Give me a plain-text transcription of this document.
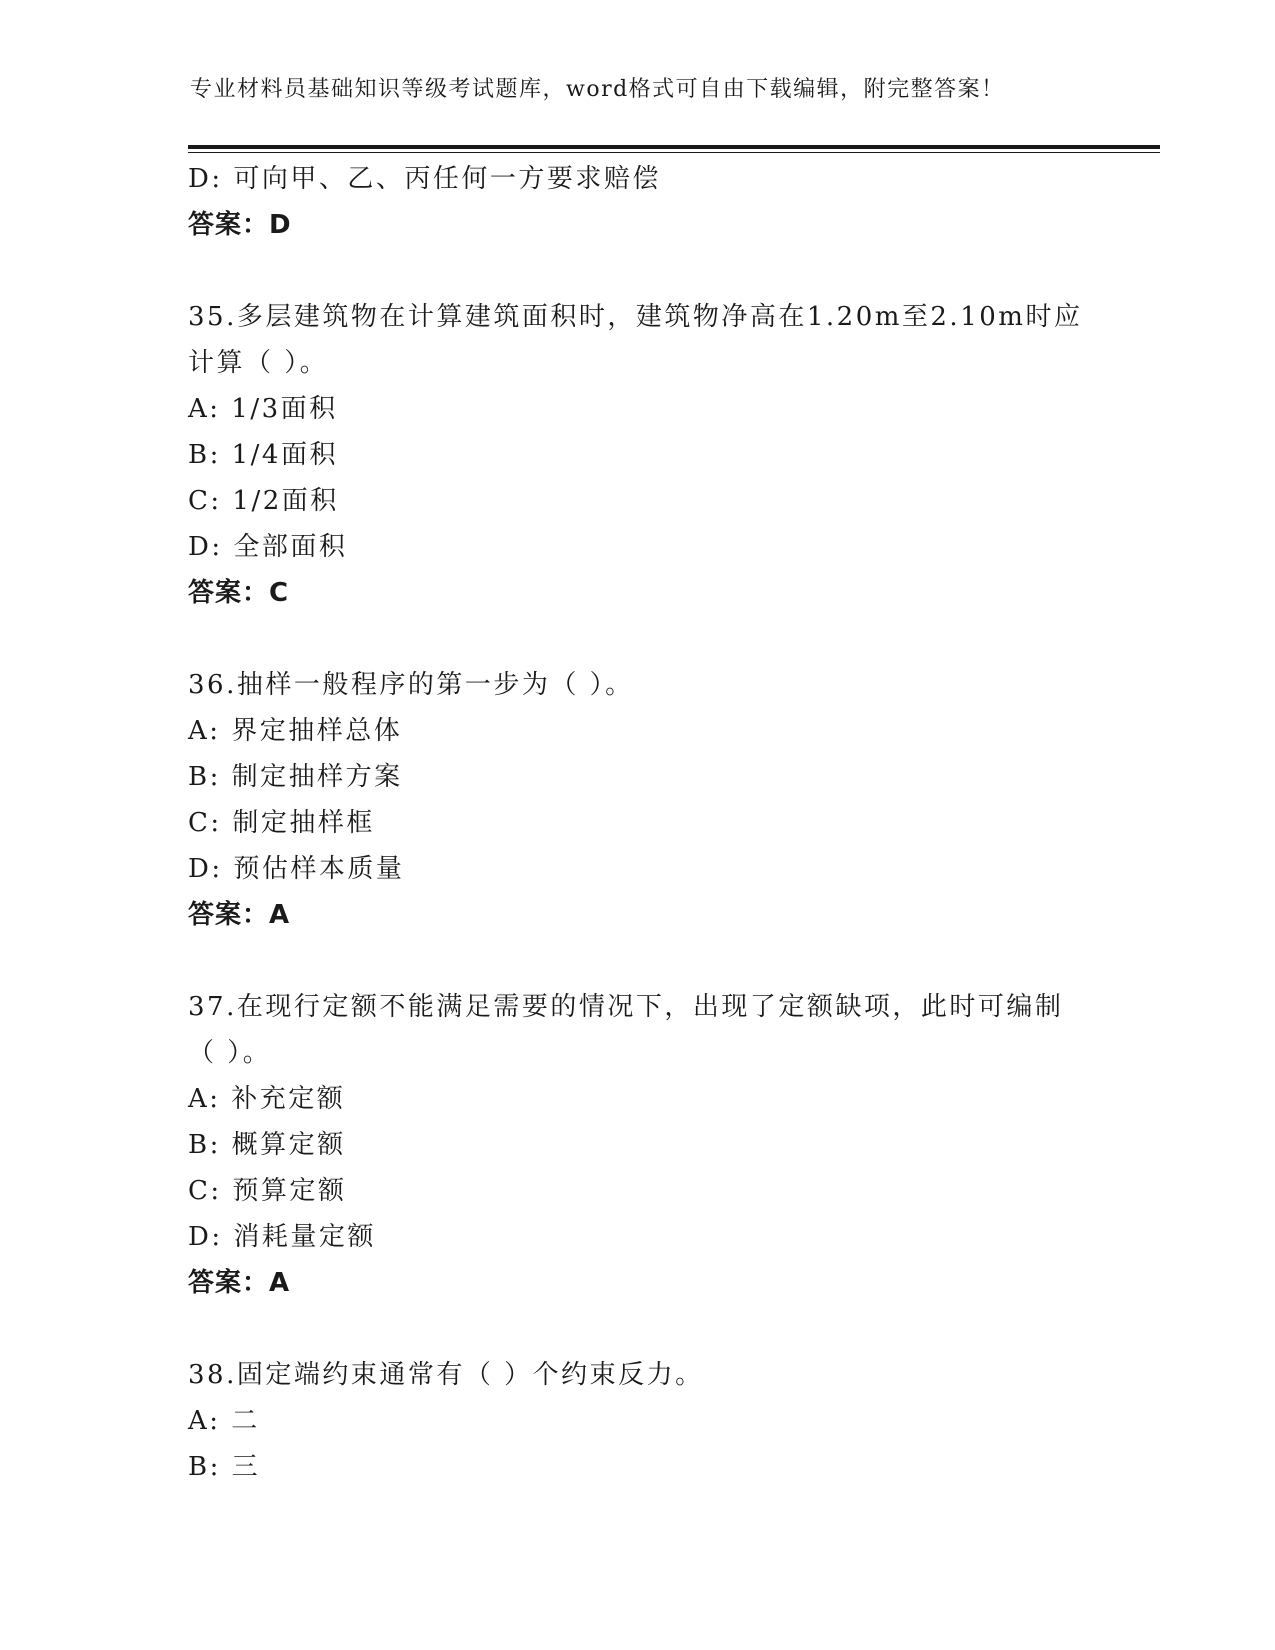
专业材料员基础知识等级考试题库，word格式可自由下载编辑，附完整答案！
D: 可向甲、乙、丙任何一方要求赔偿
答案：D
35.多层建筑物在计算建筑面积时，建筑物净高在1.20m至2.10m时应
计算（ ）。
A: 1/3面积
B: 1/4面积
C: 1/2面积
D: 全部面积
答案：C
36.抽样一般程序的第一步为（ ）。
A: 界定抽样总体
B: 制定抽样方案
C: 制定抽样框
D: 预估样本质量
答案：A
37.在现行定额不能满足需要的情况下，出现了定额缺项，此时可编制
（ ）。
A: 补充定额
B: 概算定额
C: 预算定额
D: 消耗量定额
答案：A
38.固定端约束通常有（ ）个约束反力。
A: 二
B: 三
